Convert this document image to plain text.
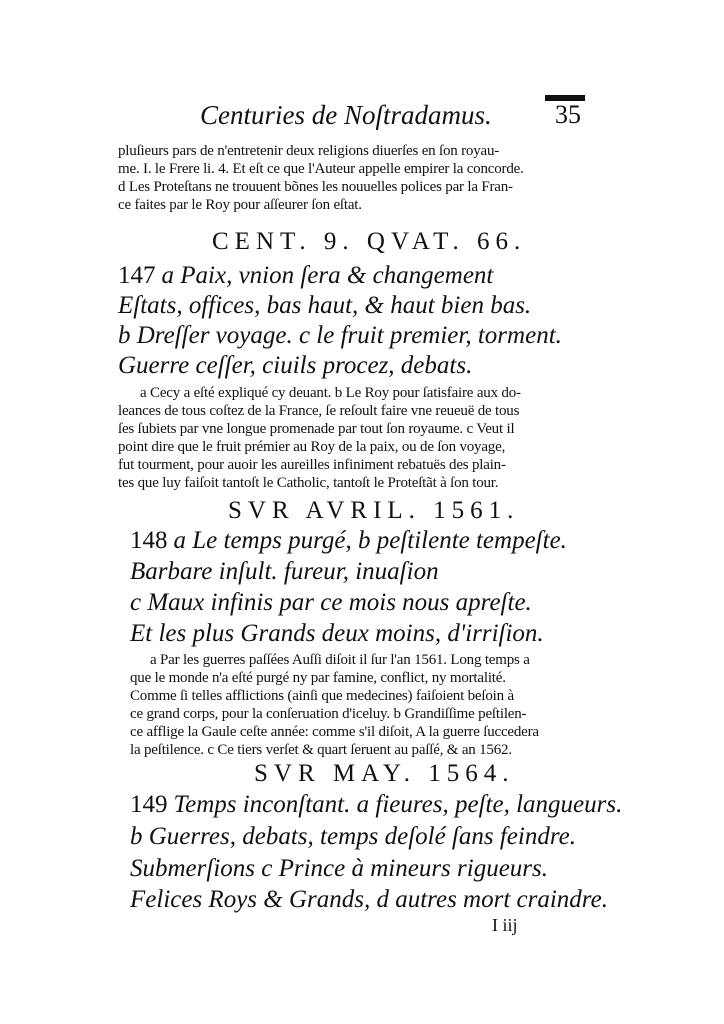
Centuries de Noſtradamus. 35
pluſieurs pars de n'entretenir deux religions diuerſes en ſon royau-
me. I. le Frere li. 4. Et eſt ce que l'Auteur appelle empirer la concorde.
d Les Proteſtans ne trouuent bõnes les nouuelles polices par la Fran-
ce faites par le Roy pour aſſeurer ſon eſtat.
CENT. 9. QVAT. 66.
147 a Paix, vnion ſera & changement
Eſtats, offices, bas haut, & haut bien bas.
b Dreſſer voyage. c le fruit premier, torment.
Guerre ceſſer, ciuils procez, debats.
a Cecy a eſté expliqué cy deuant. b Le Roy pour ſatisfaire aux do-
leances de tous coſtez de la France, ſe reſoult faire vne reueuë de tous
ſes ſubiets par vne longue promenade par tout ſon royaume. c Veut il
point dire que le fruit prémier au Roy de la paix, ou de ſon voyage,
fut tourment, pour auoir les aureilles infiniment rebatuës des plain-
tes que luy faiſoit tantoſt le Catholic, tantoſt le Proteſtãt à ſon tour.
SVR AVRIL. 1561.
148 a Le temps purgé, b peſtilente tempeſte.
Barbare inſult. fureur, inuaſion
c Maux infinis par ce mois nous apreſte.
Et les plus Grands deux moins, d'irriſion.
a Par les guerres paſſées Auſſi diſoit il ſur l'an 1561. Long temps a
que le monde n'a eſté purgé ny par famine, conflict, ny mortalité.
Comme ſi telles afflictions (ainſi que medecines) faiſoient beſoin à
ce grand corps, pour la conſeruation d'iceluy. b Grandiſſime peſtilen-
ce afflige la Gaule ceſte année: comme s'il diſoit, A la guerre ſuccedera
la peſtilence. c Ce tiers verſet & quart ſeruent au paſſé, & an 1562.
SVR MAY. 1564.
149 Temps inconſtant. a fieures, peſte, langueurs.
b Guerres, debats, temps deſolé ſans feindre.
Submerſions c Prince à mineurs rigueurs.
Felices Roys & Grands, d autres mort craindre.
I iij
